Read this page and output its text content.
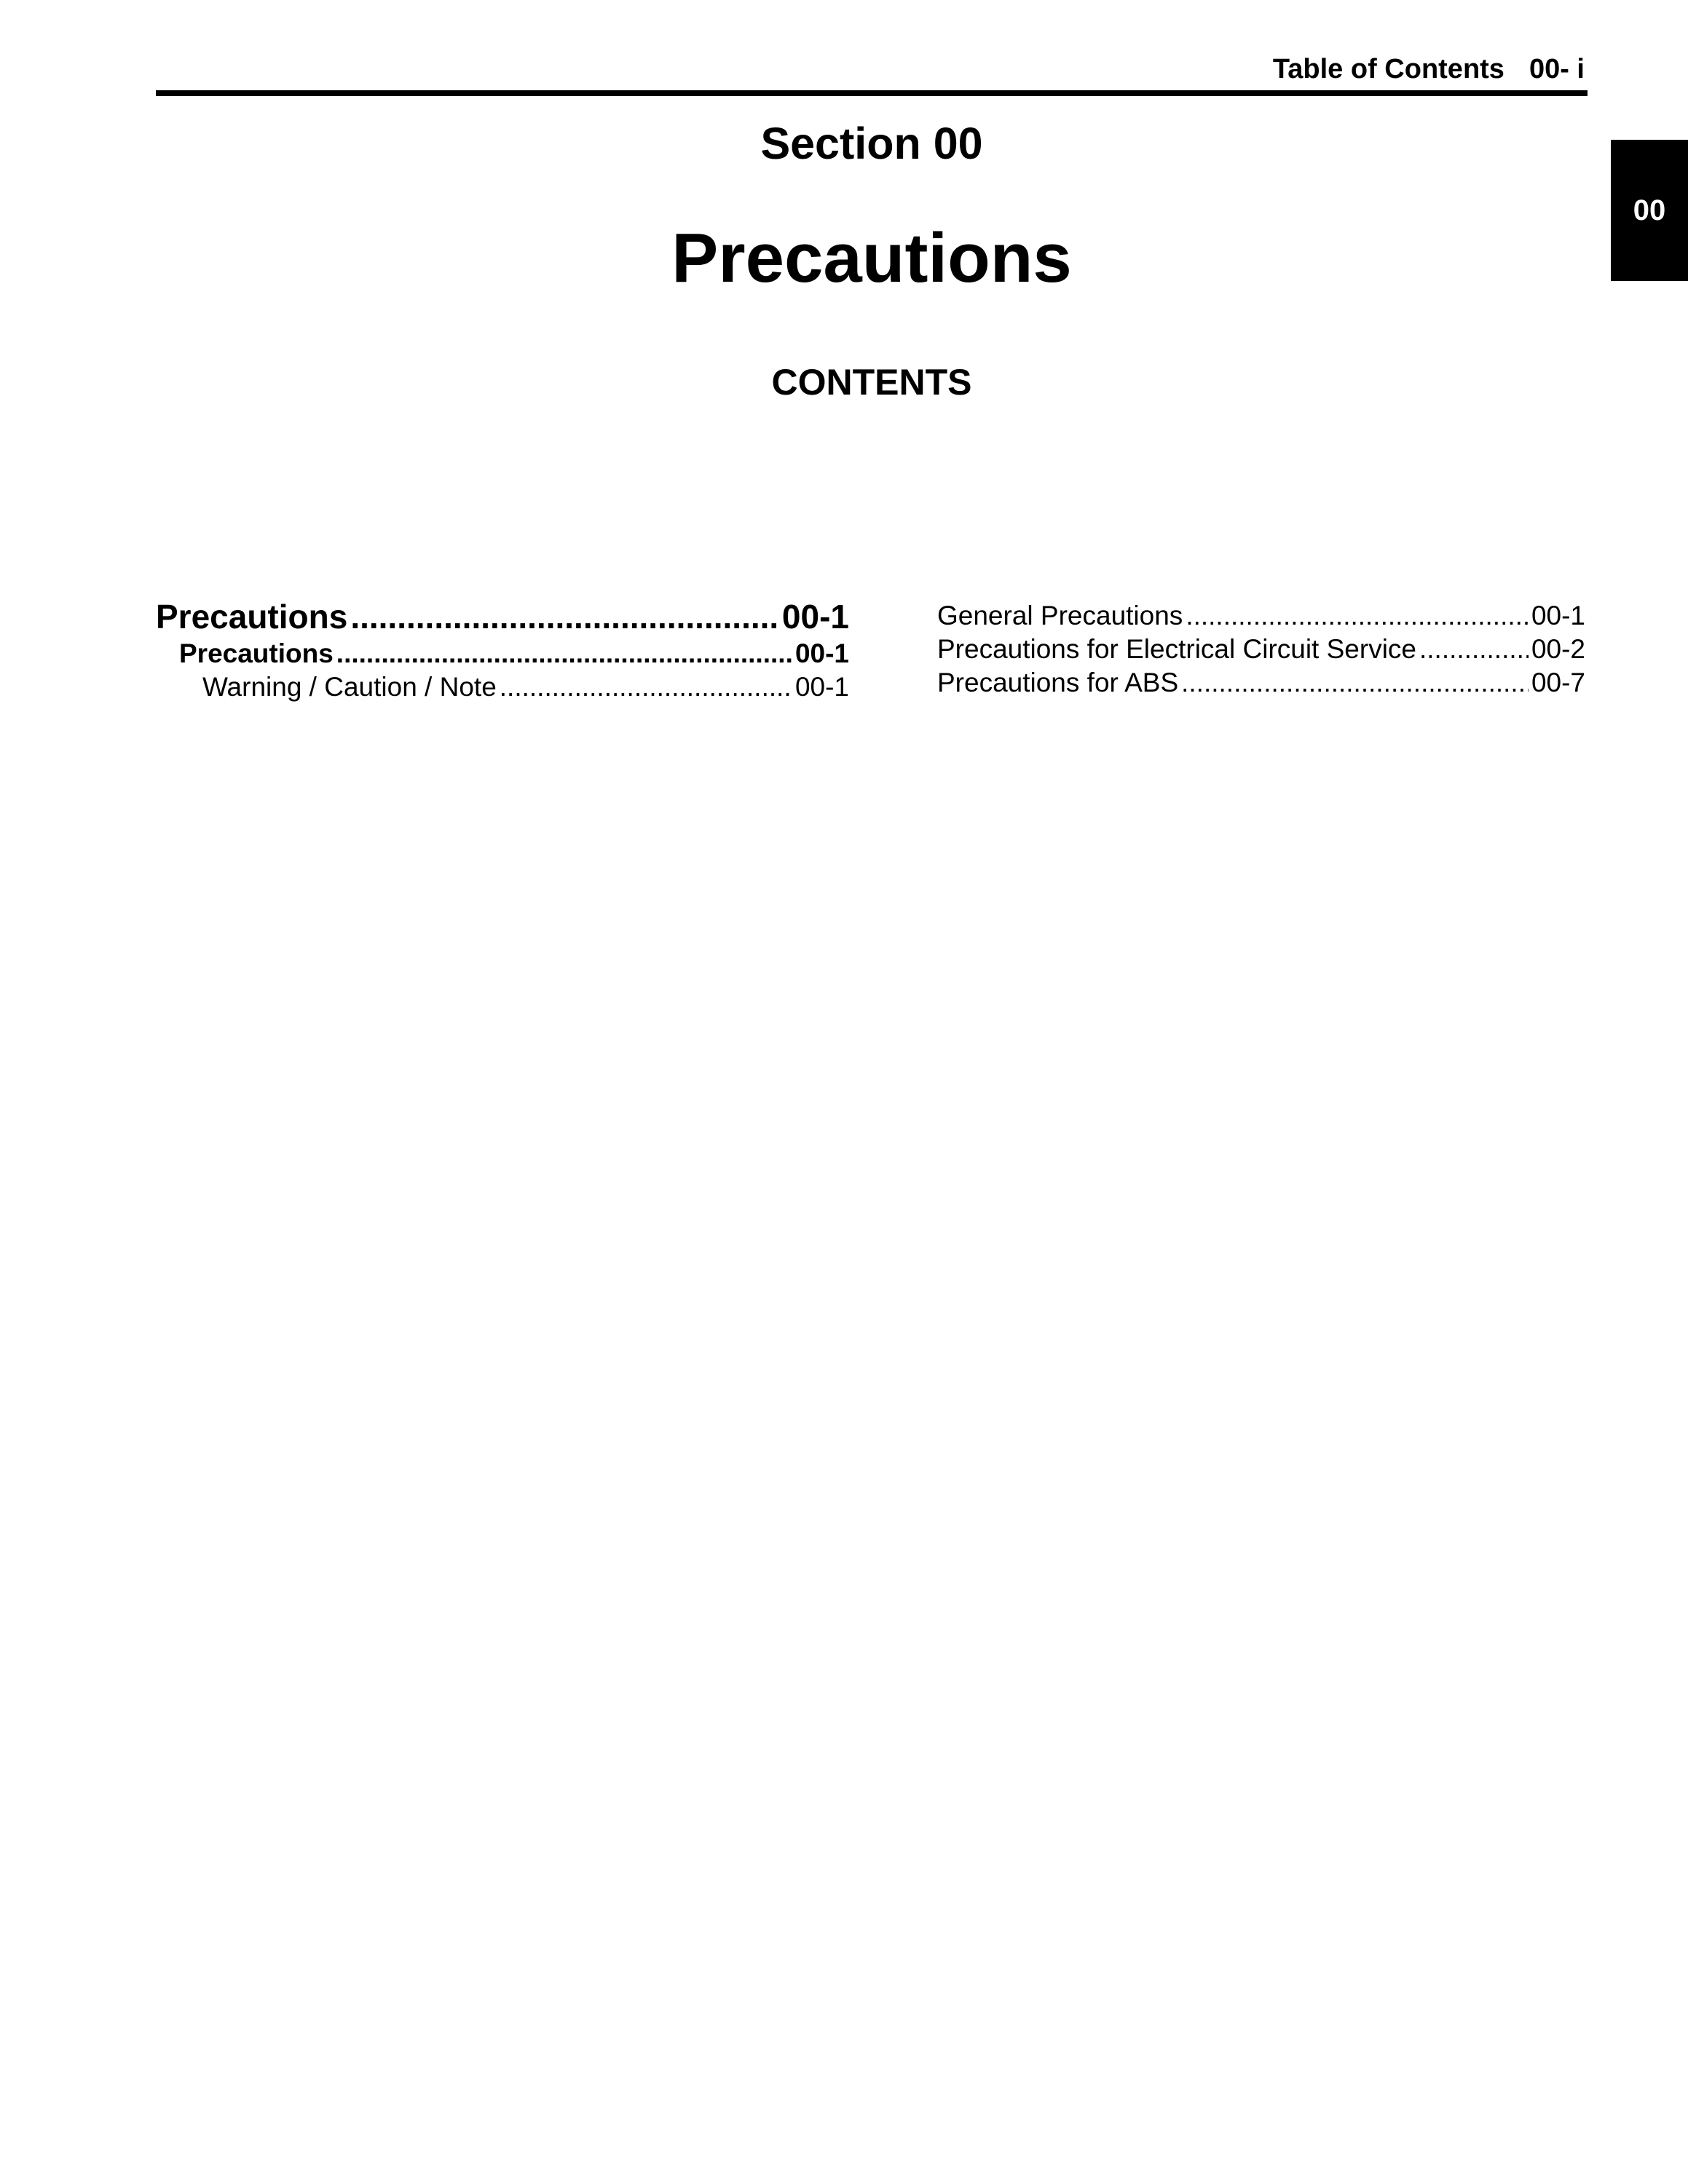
Table of Contents 00- i
00
Section 00
Precautions
CONTENTS
Precautions .....	00-1
Precautions .....	00-1
Warning / Caution / Note .....	00-1
General Precautions .....	00-1
Precautions for Electrical Circuit Service .....	00-2
Precautions for ABS .....	00-7
